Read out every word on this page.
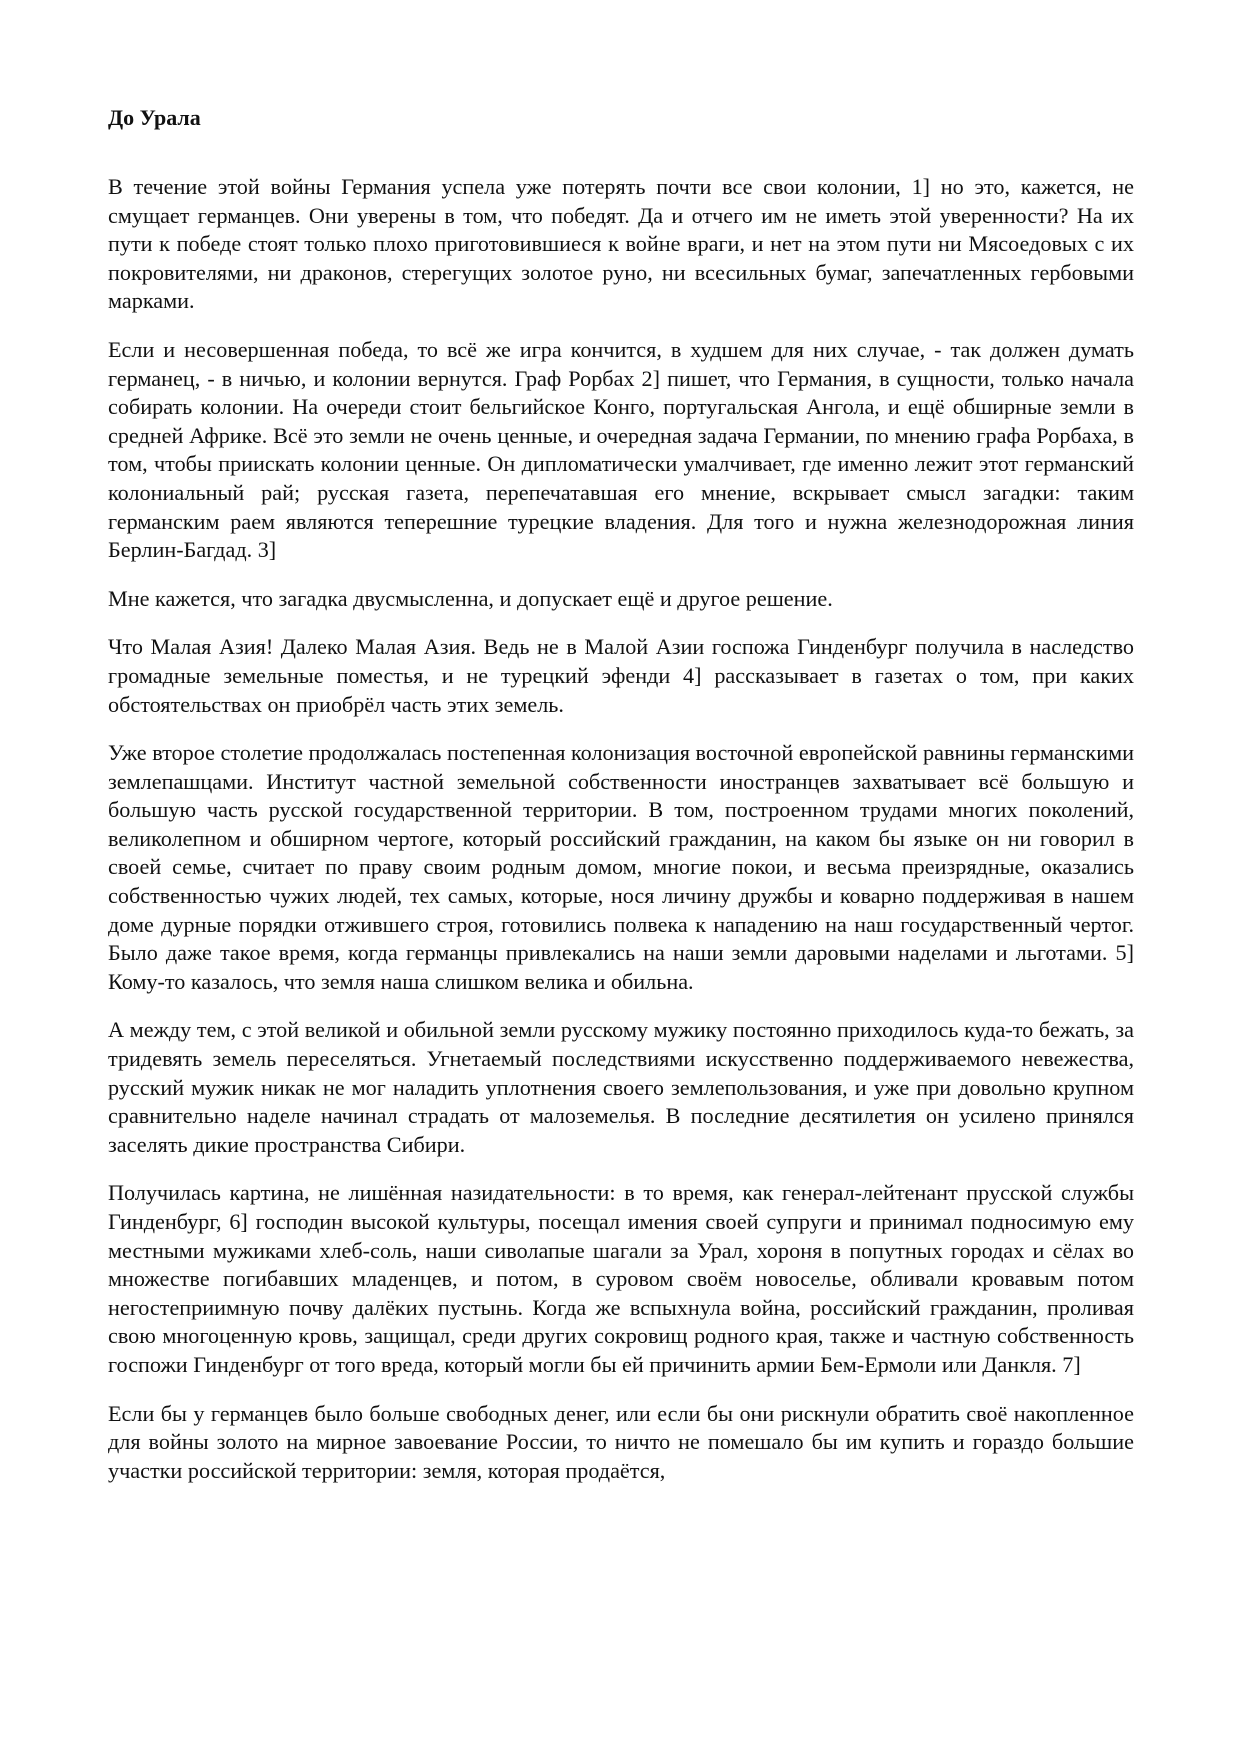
До Урала

В течение этой войны Германия успела уже потерять почти все свои колонии, 1] но это, кажется, не смущает германцев. Они уверены в том, что победят. Да и отчего им не иметь этой уверенности? На их пути к победе стоят только плохо приготовившиеся к войне враги, и нет на этом пути ни Мясоедовых с их покровителями, ни драконов, стерегущих золотое руно, ни всесильных бумаг, запечатленных гербовыми марками.

Если и несовершенная победа, то всё же игра кончится, в худшем для них случае, - так должен думать германец, - в ничью, и колонии вернутся. Граф Рорбах 2] пишет, что Германия, в сущности, только начала собирать колонии. На очереди стоит бельгийское Конго, португальская Ангола, и ещё обширные земли в средней Африке. Всё это земли не очень ценные, и очередная задача Германии, по мнению графа Рорбаха, в том, чтобы приискать колонии ценные. Он дипломатически умалчивает, где именно лежит этот германский колониальный рай; русская газета, перепечатавшая его мнение, вскрывает смысл загадки: таким германским раем являются теперешние турецкие владения. Для того и нужна железнодорожная линия Берлин-Багдад. 3]

Мне кажется, что загадка двусмысленна, и допускает ещё и другое решение.

Что Малая Азия! Далеко Малая Азия. Ведь не в Малой Азии госпожа Гинденбург получила в наследство громадные земельные поместья, и не турецкий эфенди 4] рассказывает в газетах о том, при каких обстоятельствах он приобрёл часть этих земель.

Уже второе столетие продолжалась постепенная колонизация восточной европейской равнины германскими землепашцами. Институт частной земельной собственности иностранцев захватывает всё большую и большую часть русской государственной территории. В том, построенном трудами многих поколений, великолепном и обширном чертоге, который российский гражданин, на каком бы языке он ни говорил в своей семье, считает по праву своим родным домом, многие покои, и весьма преизрядные, оказались собственностью чужих людей, тех самых, которые, нося личину дружбы и коварно поддерживая в нашем доме дурные порядки отжившего строя, готовились полвека к нападению на наш государственный чертог. Было даже такое время, когда германцы привлекались на наши земли даровыми наделами и льготами. 5] Кому-то казалось, что земля наша слишком велика и обильна.

А между тем, с этой великой и обильной земли русскому мужику постоянно приходилось куда-то бежать, за тридевять земель переселяться. Угнетаемый последствиями искусственно поддерживаемого невежества, русский мужик никак не мог наладить уплотнения своего землепользования, и уже при довольно крупном сравнительно наделе начинал страдать от малоземелья. В последние десятилетия он усилено принялся заселять дикие пространства Сибири.

Получилась картина, не лишённая назидательности: в то время, как генерал-лейтенант прусской службы Гинденбург, 6] господин высокой культуры, посещал имения своей супруги и принимал подносимую ему местными мужиками хлеб-соль, наши сиволапые шагали за Урал, хороня в попутных городах и сёлах во множестве погибавших младенцев, и потом, в суровом своём новоселье, обливали кровавым потом негостеприимную почву далёких пустынь. Когда же вспыхнула война, российский гражданин, проливая свою многоценную кровь, защищал, среди других сокровищ родного края, также и частную собственность госпожи Гинденбург от того вреда, который могли бы ей причинить армии Бем-Ермоли или Данкля. 7]

Если бы у германцев было больше свободных денег, или если бы они рискнули обратить своё накопленное для войны золото на мирное завоевание России, то ничто не помешало бы им купить и гораздо большие участки российской территории: земля, которая продаётся,
